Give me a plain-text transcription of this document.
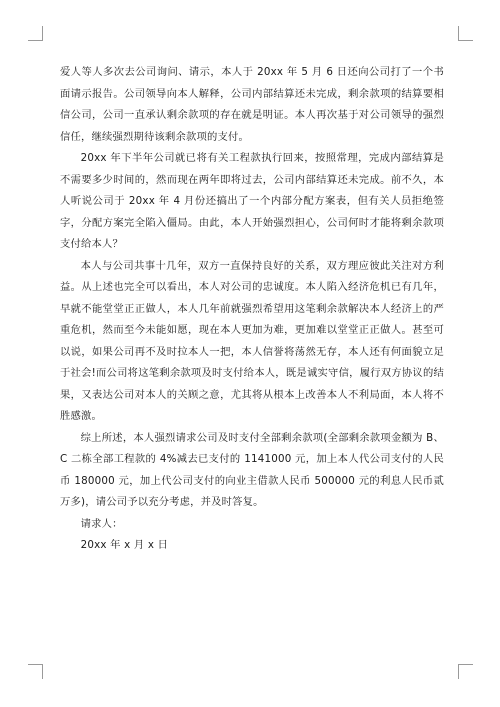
爱人等人多次去公司询问、请示，本人于 20xx 年 5 月 6 日还向公司打了一个书面请示报告。公司领导向本人解释，公司内部结算还未完成，剩余款项的结算要相信公司，公司一直承认剩余款项的存在就是明证。本人再次基于对公司领导的强烈信任，继续强烈期待该剩余款项的支付。

20xx 年下半年公司就已将有关工程款执行回来，按照常理，完成内部结算是不需要多少时间的，然而现在两年即将过去，公司内部结算还未完成。前不久，本人听说公司于 20xx 年 4 月份还搞出了一个内部分配方案表，但有关人员拒绝签字，分配方案完全陷入僵局。由此，本人开始强烈担心，公司何时才能将剩余款项支付给本人？

本人与公司共事十几年，双方一直保持良好的关系，双方理应彼此关注对方利益。从上述也完全可以看出，本人对公司的忠诚度。本人陷入经济危机已有几年，早就不能堂堂正正做人，本人几年前就强烈希望用这笔剩余款解决本人经济上的严重危机，然而至今未能如愿，现在本人更加为难，更加难以堂堂正正做人。甚至可以说，如果公司再不及时拉本人一把，本人信誉将荡然无存，本人还有何面貌立足于社会!而公司将这笔剩余款项及时支付给本人，既是诚实守信，履行双方协议的结果，又表达公司对本人的关顾之意，尤其将从根本上改善本人不利局面，本人将不胜感激。

综上所述，本人强烈请求公司及时支付全部剩余款项(全部剩余款项金额为 B、C 二栋全部工程款的 4%减去已支付的 1141000 元，加上本人代公司支付的人民币 180000 元，加上代公司支付的向业主借款人民币 500000 元的利息人民币贰万多)，请公司予以充分考虑，并及时答复。

请求人：

20xx 年 x 月 x 日
